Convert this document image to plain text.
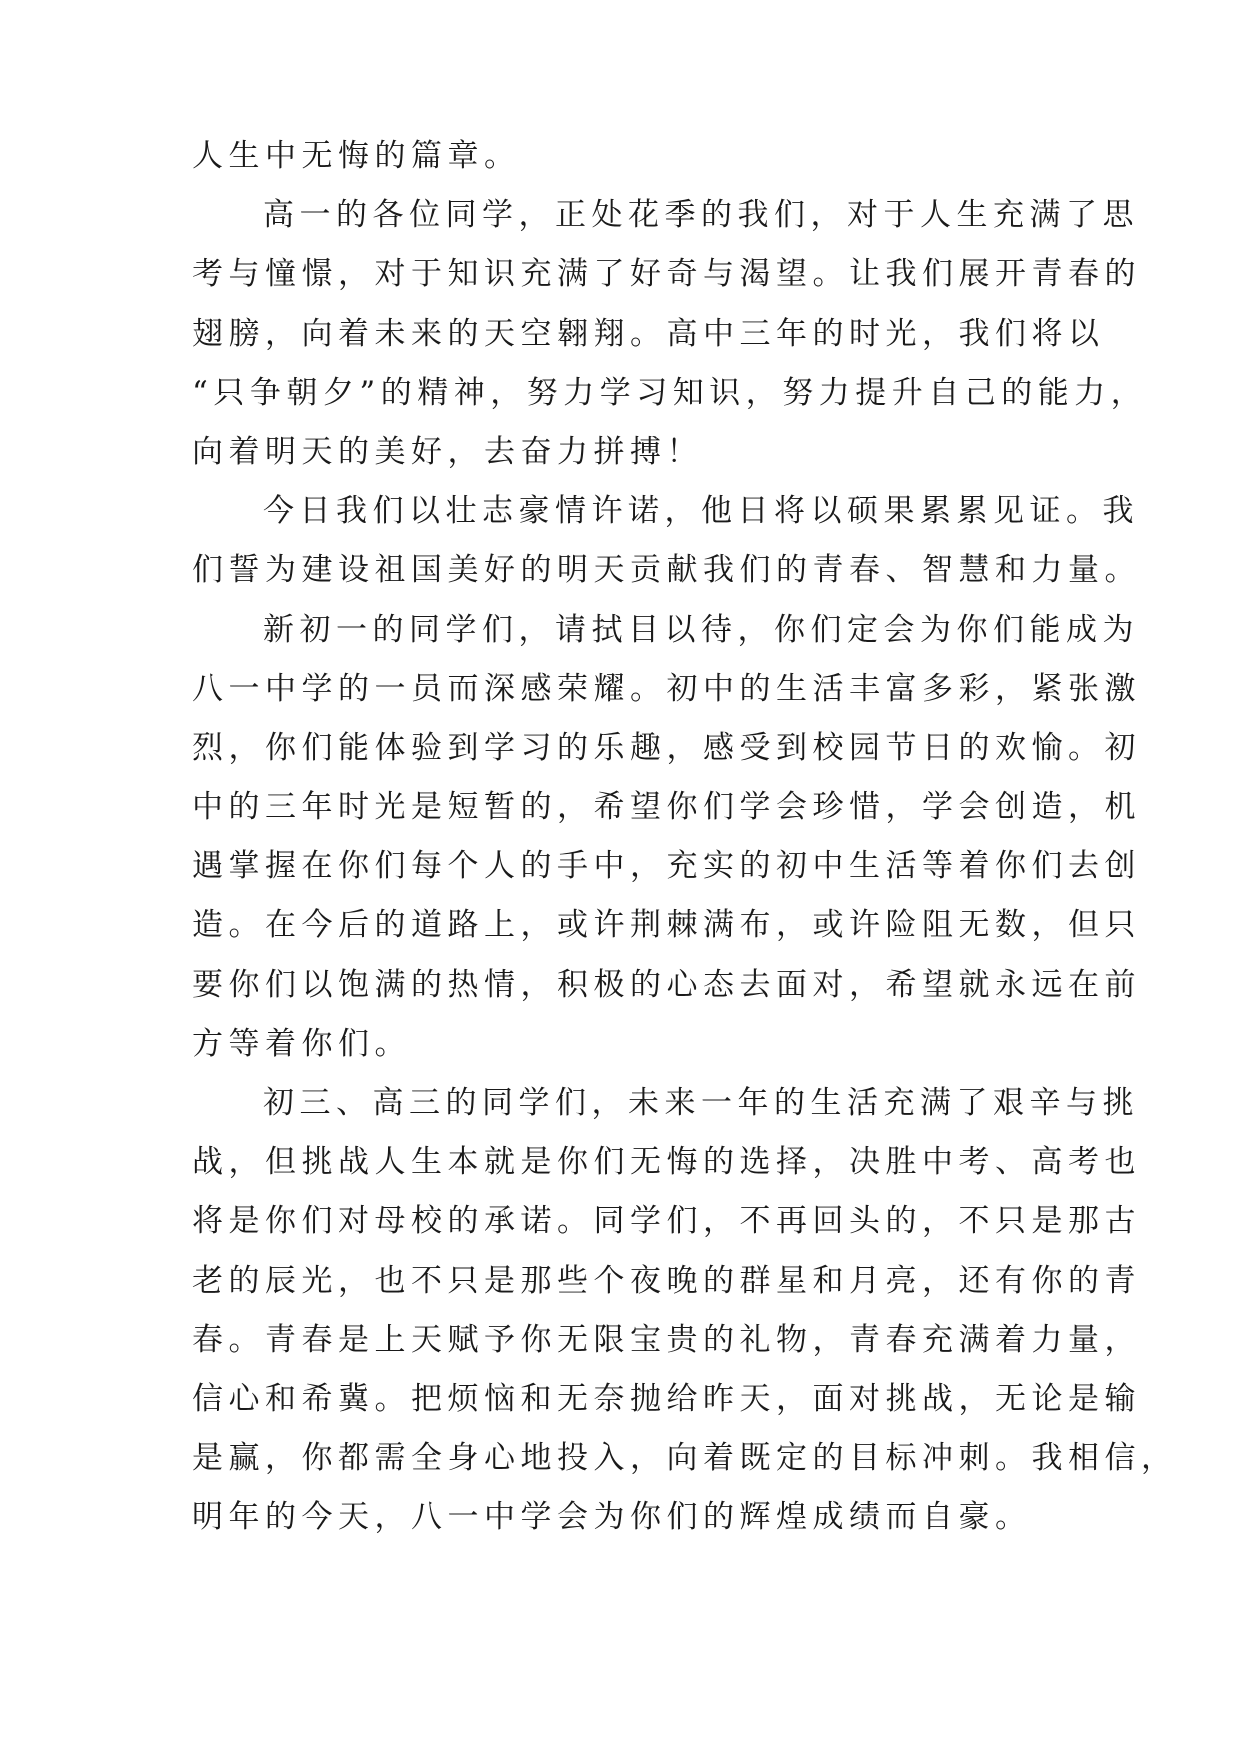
人生中无悔的篇章。
高一的各位同学，正处花季的我们，对于人生充满了思
考与憧憬，对于知识充满了好奇与渴望。让我们展开青春的
翅膀，向着未来的天空翱翔。高中三年的时光，我们将以
“只争朝夕”的精神，努力学习知识，努力提升自己的能力，
向着明天的美好，去奋力拼搏！
今日我们以壮志豪情许诺，他日将以硕果累累见证。我
们誓为建设祖国美好的明天贡献我们的青春、智慧和力量。
新初一的同学们，请拭目以待，你们定会为你们能成为
八一中学的一员而深感荣耀。初中的生活丰富多彩，紧张激
烈，你们能体验到学习的乐趣，感受到校园节日的欢愉。初
中的三年时光是短暂的，希望你们学会珍惜，学会创造，机
遇掌握在你们每个人的手中，充实的初中生活等着你们去创
造。在今后的道路上，或许荆棘满布，或许险阻无数，但只
要你们以饱满的热情，积极的心态去面对，希望就永远在前
方等着你们。
初三、高三的同学们，未来一年的生活充满了艰辛与挑
战，但挑战人生本就是你们无悔的选择，决胜中考、高考也
将是你们对母校的承诺。同学们，不再回头的，不只是那古
老的辰光，也不只是那些个夜晚的群星和月亮，还有你的青
春。青春是上天赋予你无限宝贵的礼物，青春充满着力量，
信心和希冀。把烦恼和无奈抛给昨天，面对挑战，无论是输
是赢，你都需全身心地投入，向着既定的目标冲刺。我相信，
明年的今天，八一中学会为你们的辉煌成绩而自豪。
